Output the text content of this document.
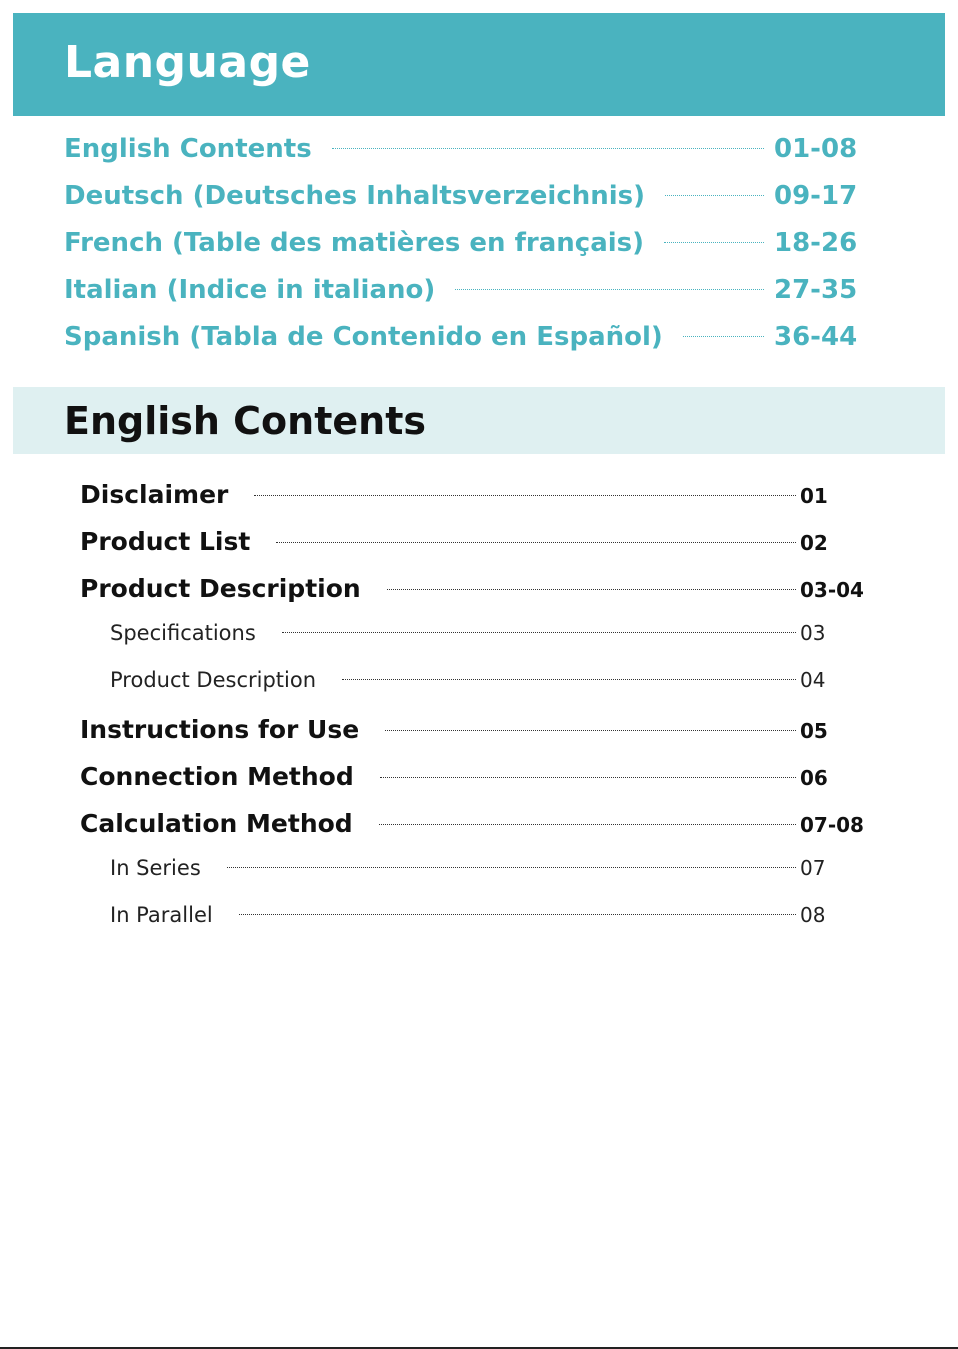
Language
English Contents	01-08
Deutsch (Deutsches Inhaltsverzeichnis)	09-17
French (Table des matières en français)	18-26
Italian (Indice in italiano)	27-35
Spanish (Tabla de Contenido en Español)	36-44
English Contents
Disclaimer	01
Product List	02
Product Description	03-04
Specifications	03
Product Description	04
Instructions for Use	05
Connection Method	06
Calculation Method	07-08
In Series	07
In Parallel	08
